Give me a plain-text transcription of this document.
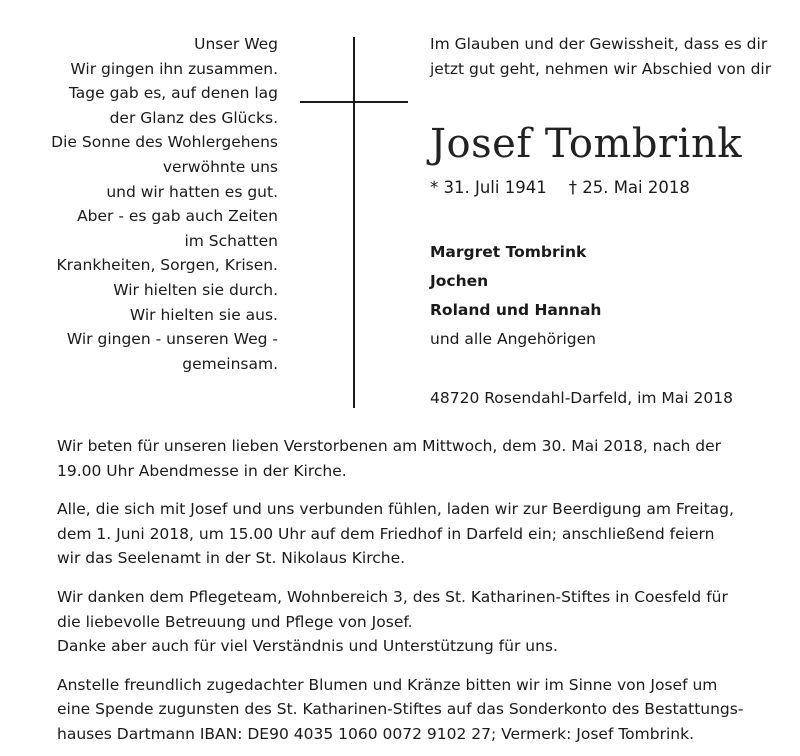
Unser Weg
Wir gingen ihn zusammen.
Tage gab es, auf denen lag
der Glanz des Glücks.
Die Sonne des Wohlergehens
verwöhnte uns
und wir hatten es gut.
Aber - es gab auch Zeiten
im Schatten
Krankheiten, Sorgen, Krisen.
Wir hielten sie durch.
Wir hielten sie aus.
Wir gingen - unseren Weg -
gemeinsam.
Im Glauben und der Gewissheit, dass es dir
jetzt gut geht, nehmen wir Abschied von dir
Josef Tombrink
* 31. Juli 1941 † 25. Mai 2018
Margret Tombrink
Jochen
Roland und Hannah
und alle Angehörigen
48720 Rosendahl-Darfeld, im Mai 2018

Wir beten für unseren lieben Verstorbenen am Mittwoch, dem 30. Mai 2018, nach der
19.00 Uhr Abendmesse in der Kirche.

Alle, die sich mit Josef und uns verbunden fühlen, laden wir zur Beerdigung am Freitag,
dem 1. Juni 2018, um 15.00 Uhr auf dem Friedhof in Darfeld ein; anschließend feiern
wir das Seelenamt in der St. Nikolaus Kirche.

Wir danken dem Pflegeteam, Wohnbereich 3, des St. Katharinen-Stiftes in Coesfeld für
die liebevolle Betreuung und Pflege von Josef.
Danke aber auch für viel Verständnis und Unterstützung für uns.

Anstelle freundlich zugedachter Blumen und Kränze bitten wir im Sinne von Josef um
eine Spende zugunsten des St. Katharinen-Stiftes auf das Sonderkonto des Bestattungs-
hauses Dartmann IBAN: DE90 4035 1060 0072 9102 27; Vermerk: Josef Tombrink.
